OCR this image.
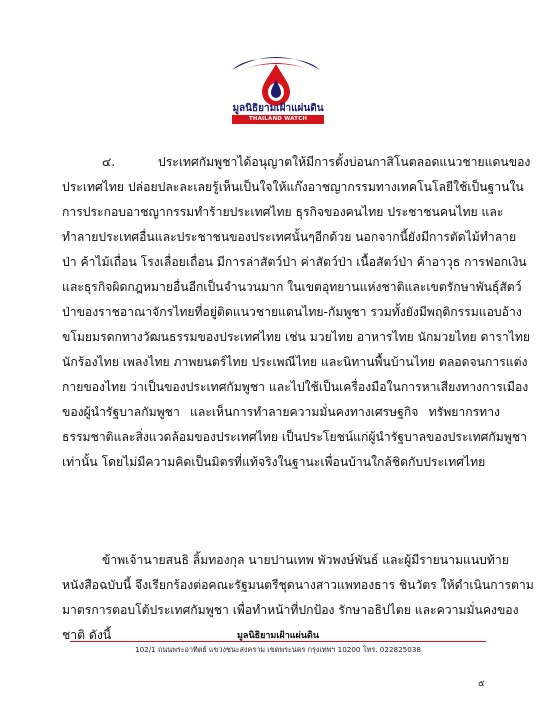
มูลนิธิยามเฝ้าแผ่นดิน
THAILAND WATCH FOUNDATION
๔.	ประเทศกัมพูชาได้อนุญาตให้มีการตั้งบ่อนกาสิโนตลอดแนวชายแดนของ
ประเทศไทย ปล่อยปละละเลยรู้เห็นเป็นใจให้แก๊งอาชญากรรมทางเทคโนโลยีใช้เป็นฐานใน
การประกอบอาชญากรรมทำร้ายประเทศไทย ธุรกิจของคนไทย ประชาชนคนไทย และ
ทำลายประเทศอื่นและประชาชนของประเทศนั้นๆอีกด้วย นอกจากนี้ยังมีการตัดไม้ทำลาย
ป่า ค้าไม้เถื่อน โรงเลื่อยเถื่อน มีการล่าสัตว์ป่า ค่าสัตว์ป่า เนื้อสัตว์ป่า ค้าอาวุธ การฟอกเงิน
และธุรกิจผิดกฎหมายอื่นอีกเป็นจำนวนมาก ในเขตอุทยานแห่งชาติและเขตรักษาพันธุ์สัตว์
ป่าของราชอาณาจักรไทยที่อยู่ติดแนวชายแดนไทย-กัมพูชา รวมทั้งยังมีพฤติกรรมแอบอ้าง
ขโมยมรดกทางวัฒนธรรมของประเทศไทย เช่น มวยไทย อาหารไทย นักมวยไทย ดาราไทย
นักร้องไทย เพลงไทย ภาพยนตร์ไทย ประเพณีไทย และนิทานพื้นบ้านไทย ตลอดจนการแต่ง
กายของไทย ว่าเป็นของประเทศกัมพูชา และไปใช้เป็นเครื่องมือในการหาเสียงทางการเมือง
ของผู้นำรัฐบาลกัมพูชา และเห็นการทำลายความมั่นคงทางเศรษฐกิจ ทรัพยากรทาง
ธรรมชาติและสิ่งแวดล้อมของประเทศไทย เป็นประโยชน์แก่ผู้นำรัฐบาลของประเทศกัมพูชา
เท่านั้น โดยไม่มีความคิดเป็นมิตรที่แท้จริงในฐานะเพื่อนบ้านใกล้ชิดกับประเทศไทย
ข้าพเจ้านายสนธิ ลิ้มทองกุล นายปานเทพ พัวพงษ์พันธ์ และผู้มีรายนามแนบท้าย
หนังสือฉบับนี้ จึงเรียกร้องต่อคณะรัฐมนตรีชุดนางสาวแพทองธาร ชินวัตร ให้ดำเนินการตาม
มาตรการตอบโต้ประเทศกัมพูชา เพื่อทำหน้าที่ปกป้อง รักษาอธิปไตย และความมั่นคงของ
ชาติ ดังนี้	มูลนิธิยามเฝ้าแผ่นดิน
102/1 ถนนพระอาทิตย์ แขวงชนะสงคราม เขตพระนคร กรุงเทพฯ 10200 โทร. 022825038
๕
